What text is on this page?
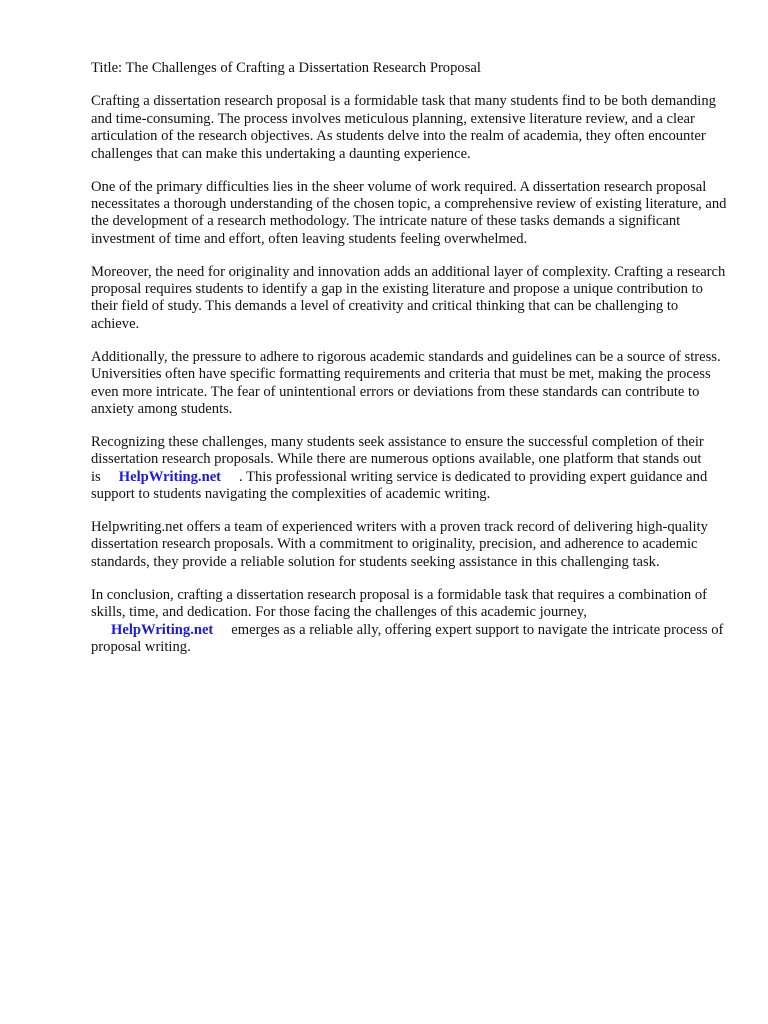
Title: The Challenges of Crafting a Dissertation Research Proposal

Crafting a dissertation research proposal is a formidable task that many students find to be both demanding and time-consuming. The process involves meticulous planning, extensive literature review, and a clear articulation of the research objectives. As students delve into the realm of academia, they often encounter challenges that can make this undertaking a daunting experience.

One of the primary difficulties lies in the sheer volume of work required. A dissertation research proposal necessitates a thorough understanding of the chosen topic, a comprehensive review of existing literature, and the development of a research methodology. The intricate nature of these tasks demands a significant investment of time and effort, often leaving students feeling overwhelmed.

Moreover, the need for originality and innovation adds an additional layer of complexity. Crafting a research proposal requires students to identify a gap in the existing literature and propose a unique contribution to their field of study. This demands a level of creativity and critical thinking that can be challenging to achieve.

Additionally, the pressure to adhere to rigorous academic standards and guidelines can be a source of stress. Universities often have specific formatting requirements and criteria that must be met, making the process even more intricate. The fear of unintentional errors or deviations from these standards can contribute to anxiety among students.

Recognizing these challenges, many students seek assistance to ensure the successful completion of their dissertation research proposals. While there are numerous options available, one platform that stands out is HelpWriting.net . This professional writing service is dedicated to providing expert guidance and support to students navigating the complexities of academic writing.

Helpwriting.net offers a team of experienced writers with a proven track record of delivering high-quality dissertation research proposals. With a commitment to originality, precision, and adherence to academic standards, they provide a reliable solution for students seeking assistance in this challenging task.

In conclusion, crafting a dissertation research proposal is a formidable task that requires a combination of skills, time, and dedication. For those facing the challenges of this academic journey,
HelpWriting.net emerges as a reliable ally, offering expert support to navigate the intricate process of proposal writing.
